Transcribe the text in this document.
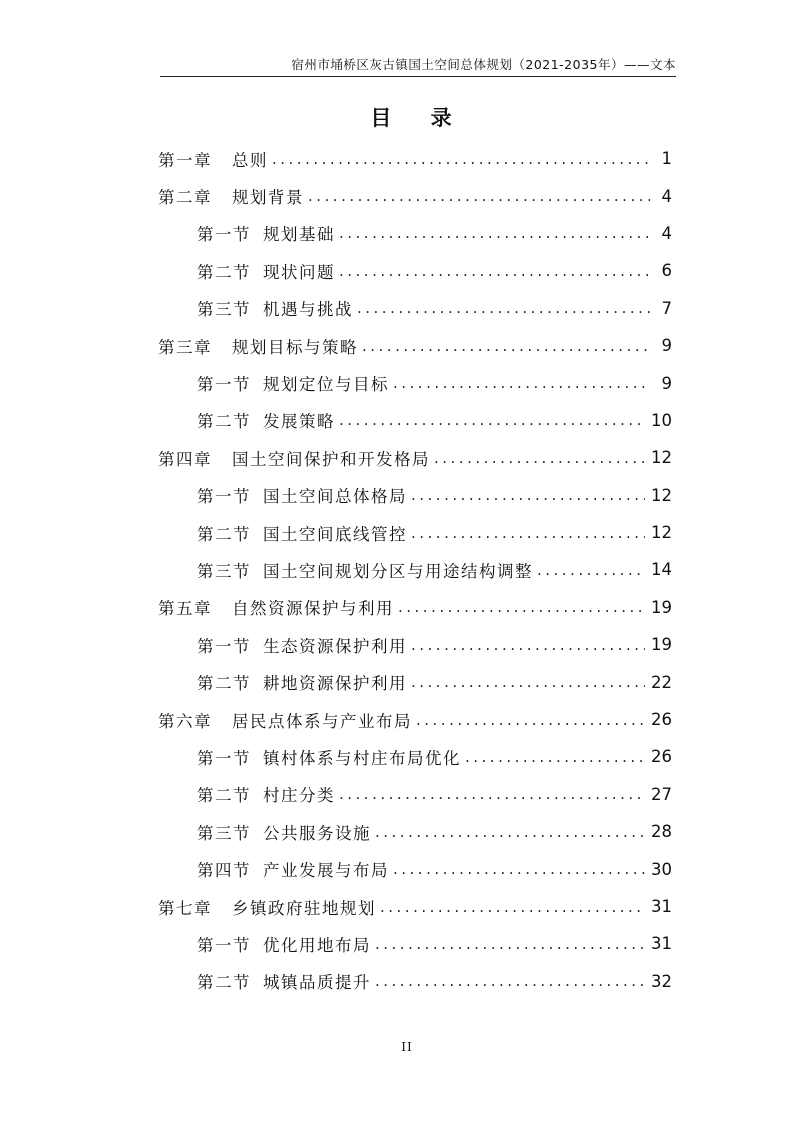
宿州市埇桥区灰古镇国土空间总体规划（2021-2035年）——文本
目 录
第一章	总则 .....	1
第二章	规划背景 .....	4
第一节 规划基础 .....	4
第二节 现状问题 .....	6
第三节 机遇与挑战 .....	7
第三章	规划目标与策略 .....	9
第一节 规划定位与目标 .....	9
第二节 发展策略 .....	10
第四章	国土空间保护和开发格局 .....	12
第一节 国土空间总体格局 .....	12
第二节 国土空间底线管控 .....	12
第三节 国土空间规划分区与用途结构调整 .....	14
第五章	自然资源保护与利用 .....	19
第一节 生态资源保护利用 .....	19
第二节 耕地资源保护利用 .....	22
第六章	居民点体系与产业布局 .....	26
第一节 镇村体系与村庄布局优化 .....	26
第二节 村庄分类 .....	27
第三节 公共服务设施 .....	28
第四节 产业发展与布局 .....	30
第七章	乡镇政府驻地规划 .....	31
第一节 优化用地布局 .....	31
第二节 城镇品质提升 .....	32
II
